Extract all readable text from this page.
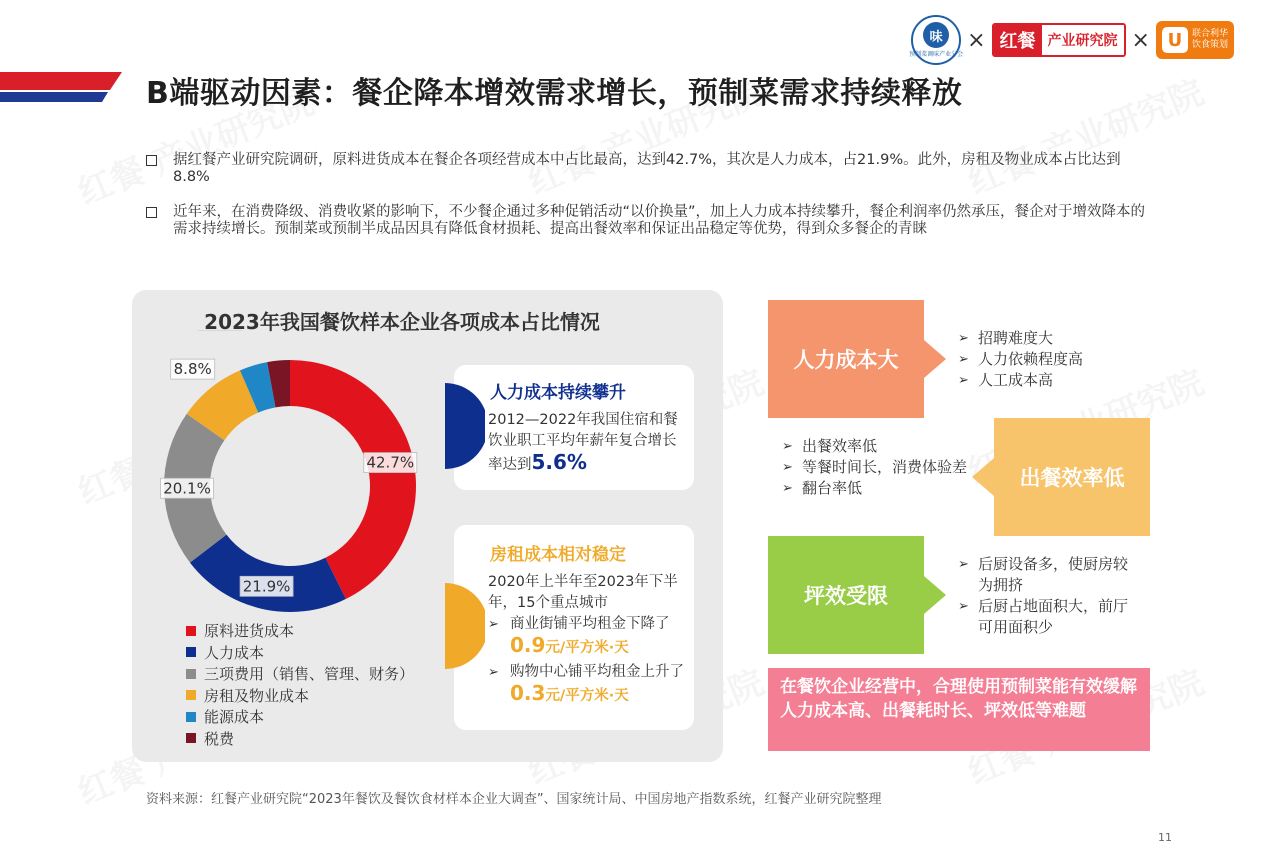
B端驱动因素：餐企降本增效需求增长，预制菜需求持续释放
味
预制菜调味产业分会
× 红餐 产业研究院 × U	联合利华
饮食策划
据红餐产业研究院调研，原料进货成本在餐企各项经营成本中占比最高，达到42.7%，其次是人力成本，占21.9%。此外，房租及物业成本占比达到8.8%
近年来，在消费降级、消费收紧的影响下，不少餐企通过多种促销活动“以价换量”，加上人力成本持续攀升，餐企利润率仍然承压，餐企对于增效降本的需求持续增长。预制菜或预制半成品因具有降低食材损耗、提高出餐效率和保证出品稳定等优势，得到众多餐企的青睐
2023年我国餐饮样本企业各项成本占比情况
42.7%
21.9%
20.1%
8.8%
原料进货成本
人力成本
三项费用（销售、管理、财务）
房租及物业成本
能源成本
税费
人力成本持续攀升
2012—2022年我国住宿和餐饮业职工平均年薪年复合增长率达到5.6%
房租成本相对稳定
2020年上半年至2023年下半年，15个重点城市
➢ 商业街铺平均租金下降了0.9元/平方米·天
➢ 购物中心铺平均租金上升了0.3元/平方米·天
人力成本大
➢ 招聘难度大
➢ 人力依赖程度高
➢ 人工成本高
出餐效率低
➢ 出餐效率低
➢ 等餐时间长，消费体验差
➢ 翻台率低
坪效受限
➢ 后厨设备多，使厨房较为拥挤
➢ 后厨占地面积大，前厅可用面积少
在餐饮企业经营中，合理使用预制菜能有效缓解人力成本高、出餐耗时长、坪效低等难题
资料来源：红餐产业研究院“2023年餐饮及餐饮食材样本企业大调查”、国家统计局、中国房地产指数系统，红餐产业研究院整理
11
